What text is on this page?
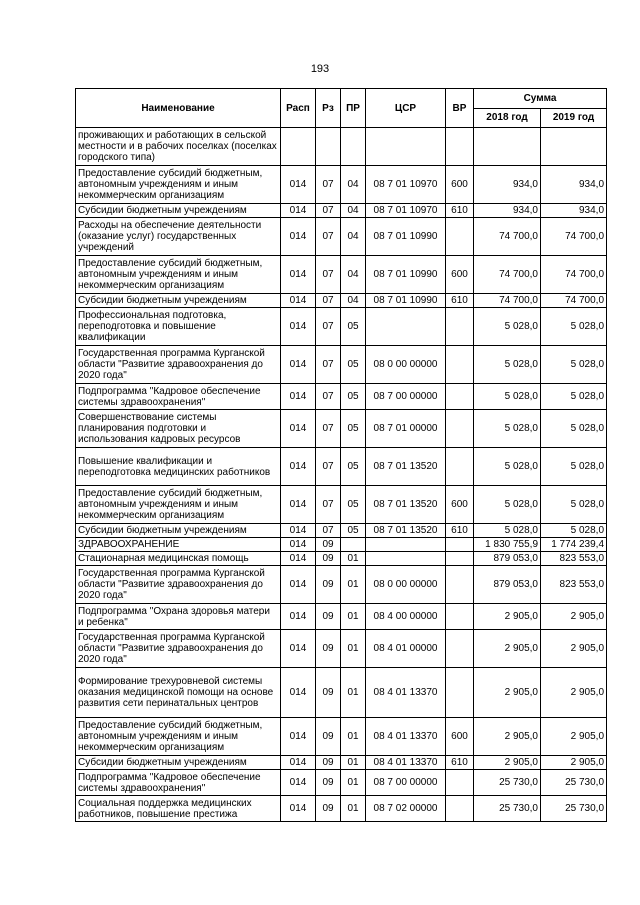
193
Наименование	Расп	Рз	ПР	ЦСР	ВР	Сумма	
						2018 год	2019 год
проживающих и работающих в сельской местности и в рабочих поселках (поселках городского типа)							
Предоставление субсидий бюджетным, автономным учреждениям и иным некоммерческим организациям	014	07	04	08 7 01 10970	600	934,0	934,0
Субсидии бюджетным учреждениям	014	07	04	08 7 01 10970	610	934,0	934,0
Расходы на обеспечение деятельности (оказание услуг) государственных учреждений	014	07	04	08 7 01 10990		74 700,0	74 700,0
Предоставление субсидий бюджетным, автономным учреждениям и иным некоммерческим организациям	014	07	04	08 7 01 10990	600	74 700,0	74 700,0
Субсидии бюджетным учреждениям	014	07	04	08 7 01 10990	610	74 700,0	74 700,0
Профессиональная подготовка, переподготовка и повышение квалификации	014	07	05			5 028,0	5 028,0
Государственная программа Курганской области "Развитие здравоохранения до 2020 года"	014	07	05	08 0 00 00000		5 028,0	5 028,0
Подпрограмма "Кадровое обеспечение системы здравоохранения"	014	07	05	08 7 00 00000		5 028,0	5 028,0
Совершенствование системы планирования подготовки и использования кадровых ресурсов	014	07	05	08 7 01 00000		5 028,0	5 028,0
Повышение квалификации и переподготовка медицинских работников	014	07	05	08 7 01 13520		5 028,0	5 028,0
Предоставление субсидий бюджетным, автономным учреждениям и иным некоммерческим организациям	014	07	05	08 7 01 13520	600	5 028,0	5 028,0
Субсидии бюджетным учреждениям	014	07	05	08 7 01 13520	610	5 028,0	5 028,0
ЗДРАВООХРАНЕНИЕ	014	09				1 830 755,9	1 774 239,4
Стационарная медицинская помощь	014	09	01			879 053,0	823 553,0
Государственная программа Курганской области "Развитие здравоохранения до 2020 года"	014	09	01	08 0 00 00000		879 053,0	823 553,0
Подпрограмма "Охрана здоровья матери и ребенка"	014	09	01	08 4 00 00000		2 905,0	2 905,0
Государственная программа Курганской области "Развитие здравоохранения до 2020 года"	014	09	01	08 4 01 00000		2 905,0	2 905,0
Формирование трехуровневой системы оказания медицинской помощи на основе развития сети перинатальных центров	014	09	01	08 4 01 13370		2 905,0	2 905,0
Предоставление субсидий бюджетным, автономным учреждениям и иным некоммерческим организациям	014	09	01	08 4 01 13370	600	2 905,0	2 905,0
Субсидии бюджетным учреждениям	014	09	01	08 4 01 13370	610	2 905,0	2 905,0
Подпрограмма "Кадровое обеспечение системы здравоохранения"	014	09	01	08 7 00 00000		25 730,0	25 730,0
Социальная поддержка медицинских работников, повышение престижа	014	09	01	08 7 02 00000		25 730,0	25 730,0
